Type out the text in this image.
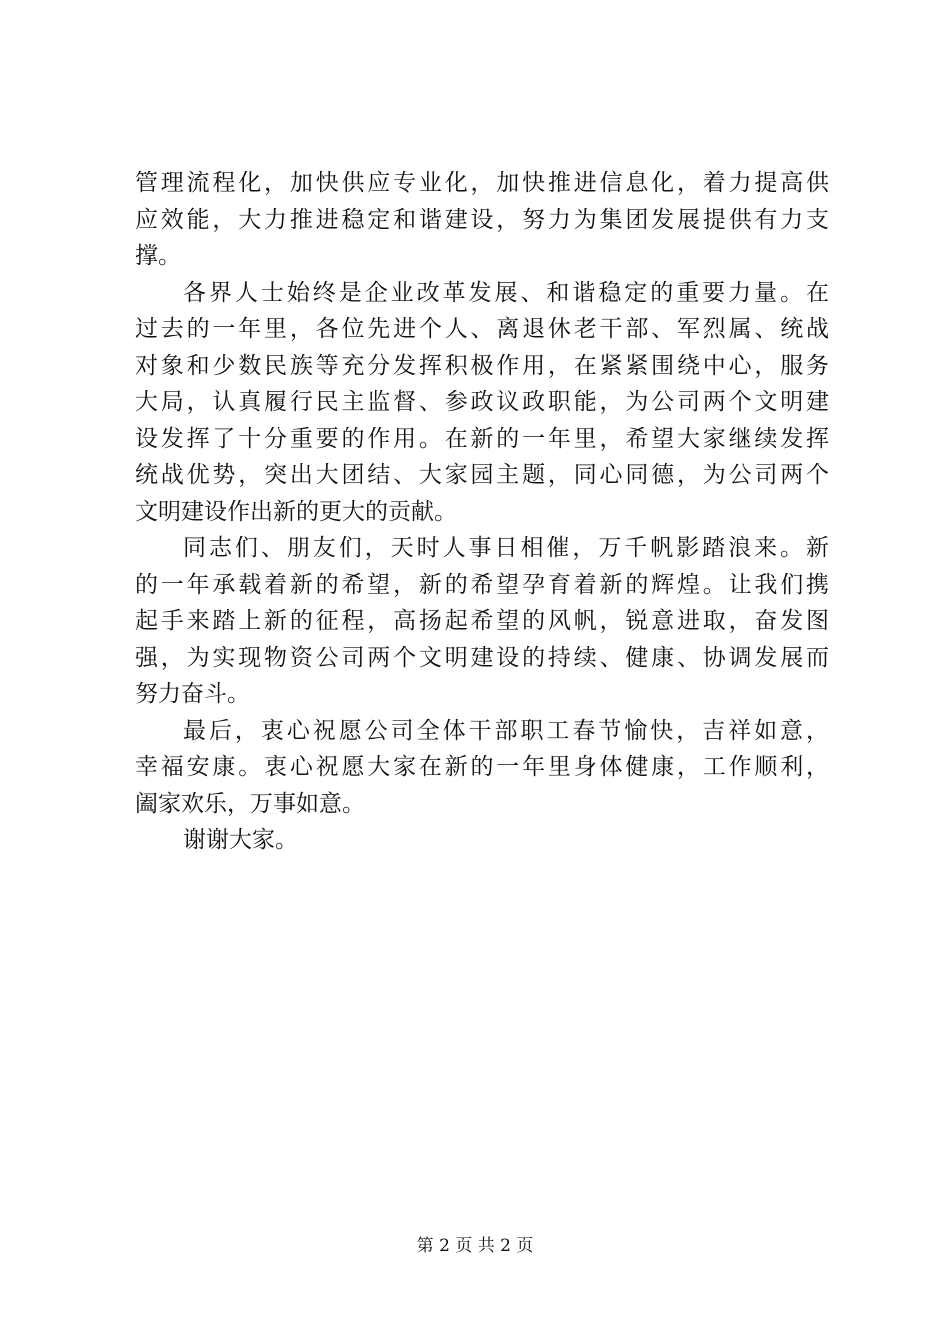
管理流程化，加快供应专业化，加快推进信息化，着力提高供
应效能，大力推进稳定和谐建设，努力为集团发展提供有力支
撑。
各界人士始终是企业改革发展、和谐稳定的重要力量。在
过去的一年里，各位先进个人、离退休老干部、军烈属、统战
对象和少数民族等充分发挥积极作用，在紧紧围绕中心，服务
大局，认真履行民主监督、参政议政职能，为公司两个文明建
设发挥了十分重要的作用。在新的一年里，希望大家继续发挥
统战优势，突出大团结、大家园主题，同心同德，为公司两个
文明建设作出新的更大的贡献。
同志们、朋友们，天时人事日相催，万千帆影踏浪来。新
的一年承载着新的希望，新的希望孕育着新的辉煌。让我们携
起手来踏上新的征程，高扬起希望的风帆，锐意进取，奋发图
强，为实现物资公司两个文明建设的持续、健康、协调发展而
努力奋斗。
最后，衷心祝愿公司全体干部职工春节愉快，吉祥如意，
幸福安康。衷心祝愿大家在新的一年里身体健康，工作顺利，
阖家欢乐，万事如意。
谢谢大家。
第 2 页 共 2 页
